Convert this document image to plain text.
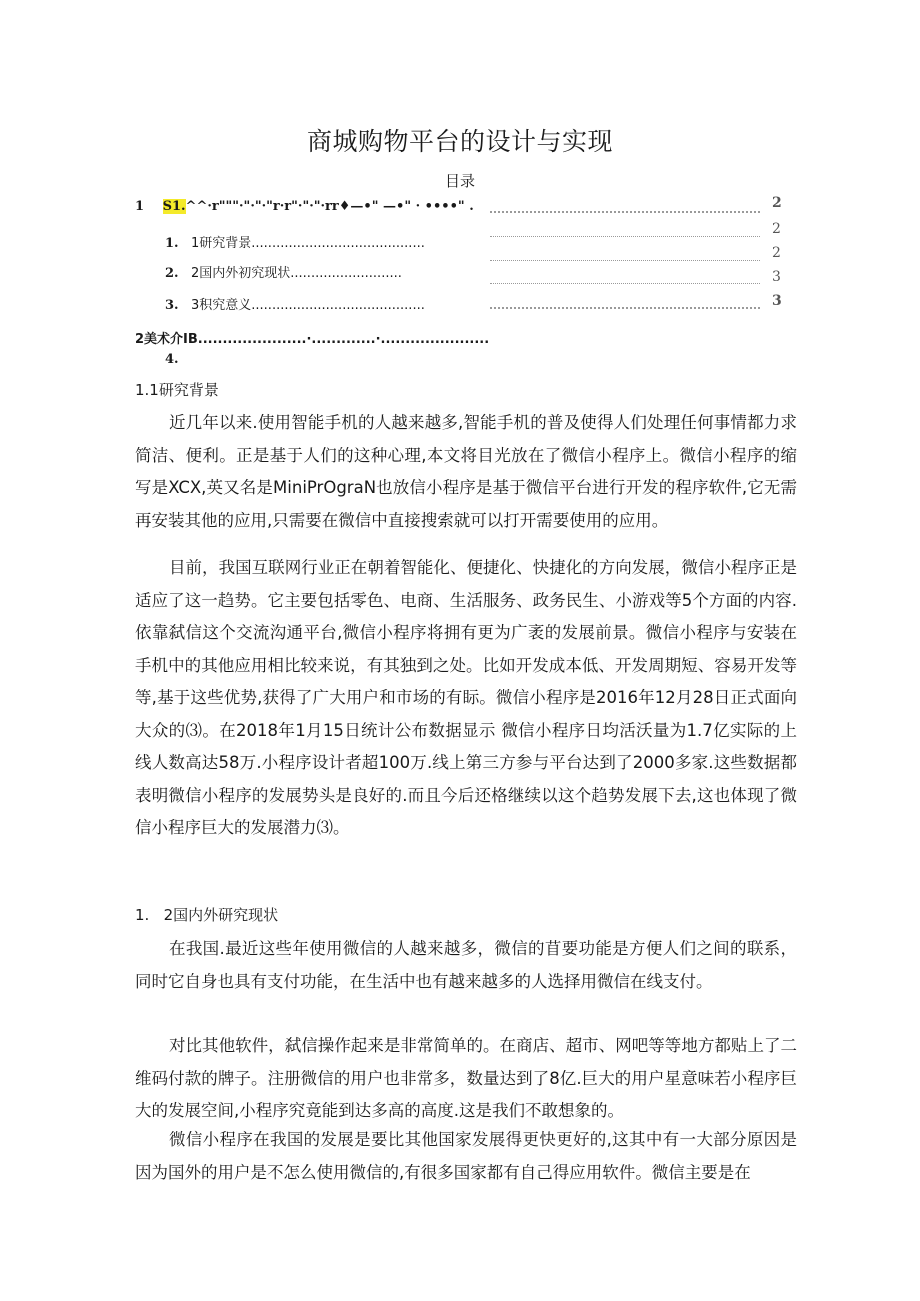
商城购物平台的设计与实现
目录
1 S1.^^·r"""·"·"·"r·r"·"·"·rr♦—•" —•" · ••••" .	2
1. 1研究背景..........................................
2
2. 2国内外初究现状...........................
2
3. 3积究意义..........................................
3
3
2美术介IB......................·.............·......................
4.
1.1研究背景
近几年以来.使用智能手机的人越来越多,智能手机的普及使得人们处理任何事情都力求简洁、便利。正是基于人们的这种心理,本文将目光放在了微信小程序上。微信小程序的缩写是XCX,英又名是MiniPrOgraN也放信小程序是基于微信平台进行开发的程序软件,它无需再安装其他的应用,只需要在微信中直接搜索就可以打开需要使用的应用。
目前，我国互联网行业正在朝着智能化、便捷化、快捷化的方向发展，微信小程序正是适应了这一趋势。它主要包括零色、电商、生活服务、政务民生、小游戏等5个方面的内容.依靠弑信这个交流沟通平台,微信小程序将拥有更为广袤的发展前景。微信小程序与安装在手机中的其他应用相比较来说，有其独到之处。比如开发成本低、开发周期短、容易开发等等,基于这些优势,获得了广大用户和市场的有眎。微信小程序是2016年12月28日正式面向大众的⑶。在2018年1月15日统计公布数据显示 微信小程序日均活沃量为1.7亿实际的上线人数高达58万.小程序设计者超100万.线上第三方参与平台达到了2000多家.这些数据都表明微信小程序的发展势头是良好的.而且今后还格继续以这个趋势发展下去,这也体现了微信小程序巨大的发展潜力⑶。
1.   2国内外研究现状
在我国.最近这些年使用微信的人越来越多，微信的苜要功能是方便人们之间的联系，同时它自身也具有支付功能，在生活中也有越来越多的人选择用微信在线支付。
对比其他软件，弑信操作起来是非常简单的。在商店、超市、网吧等等地方都贴上了二维码付款的牌子。注册微信的用户也非常多，数量达到了8亿.巨大的用户星意味若小程序巨大的发展空间,小程序究竟能到达多高的高度.这是我们不敢想象的。
微信小程序在我国的发展是要比其他国家发展得更快更好的,这其中有一大部分原因是因为国外的用户是不怎么使用微信的,有很多国家都有自己得应用软件。微信主要是在
